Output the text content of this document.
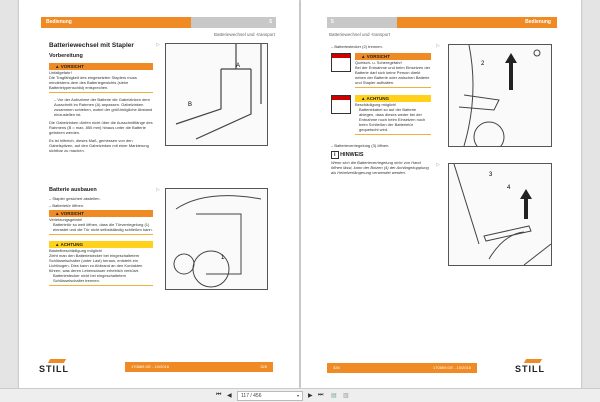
Bedienung	5
Batteriewechsel und -transport
Batteriewechsel mit Stapler
Vorbereitung
▲ VORSICHT
Unfallgefahr!
Die Tragfähigkeit des eingesetzten Staplers muss mindestens dem des Batteriegewichts (siehe Batterietypenschild) entsprechen.
– Vor der Aufnahme der Batterie die Gabelzinken dem Ausschnitt im Rahmen (A) anpassen. Gabelzinken zusammen schieben, wobei der größtmögliche Abstand einzustellen ist.
Die Gabelzinken dürfen nicht über die Ausschnittlänge des Rahmens (B = max. 850 mm) hinaus unter die Batterie gefahren werden.
Es ist hilfreich, dieses Maß, gemessen von den Gabelspitzen, auf den Gabelzinken mit einer Markierung sichtbar zu machen.
Batterie ausbauen
– Stapler gesichert abstellen.
– Batterietür öffnen.
▲ VORSICHT
Verletzungsgefahr!
Batterietür so weit öffnen, dass die Türverriegelung (1) einrastet und die Tür nicht selbstständig schließen kann.
▲ ACHTUNG
Bauteilbeschädigung möglich!
Zieht man den Batteriestecker bei eingeschaltetem Schlüsselschalter (unter Last) heraus, entsteht ein Lichtbogen. Dies kann zu Abbrand an den Kontakten führen, was deren Lebensdauer erheblich verkürzt.
Batteriestecker nicht bei eingeschaltetem Schlüsselschalter trennen.
▷
▷
A
B
1
STILL	170869 DE - 10/2016	325
5	Bedienung
Batteriewechsel und -transport
– Batteriestecker (2) trennen.
▲ VORSICHT
Quetsch- u. Scheregefahr!
Bei der Entnahme und beim Einsetzen der Batterie darf sich keine Person direkt neben der Batterie oder zwischen Batterie und Stapler aufhalten.
▲ ACHTUNG
Beschädigung möglich!
Batteriekabel so auf der Batterie ablegen, dass dieses weder bei der Entnahme noch beim Einsetzen noch beim Schließen der Batterietür gequetscht wird.
– Batterieverriegelung (3) öffnen.
i HINWEIS
Wenn sich die Batterieverriegelung nicht von Hand öffnen lässt, kann der Bolzen (4) der Anhängekupplung als Hebelverlängerung verwendet werden.
▷
▷
2
3
4
326	170869 DE - 10/2016	STILL
⏮ ◀	117 / 456	▾ ▶ ⏭ ▤ ▥
